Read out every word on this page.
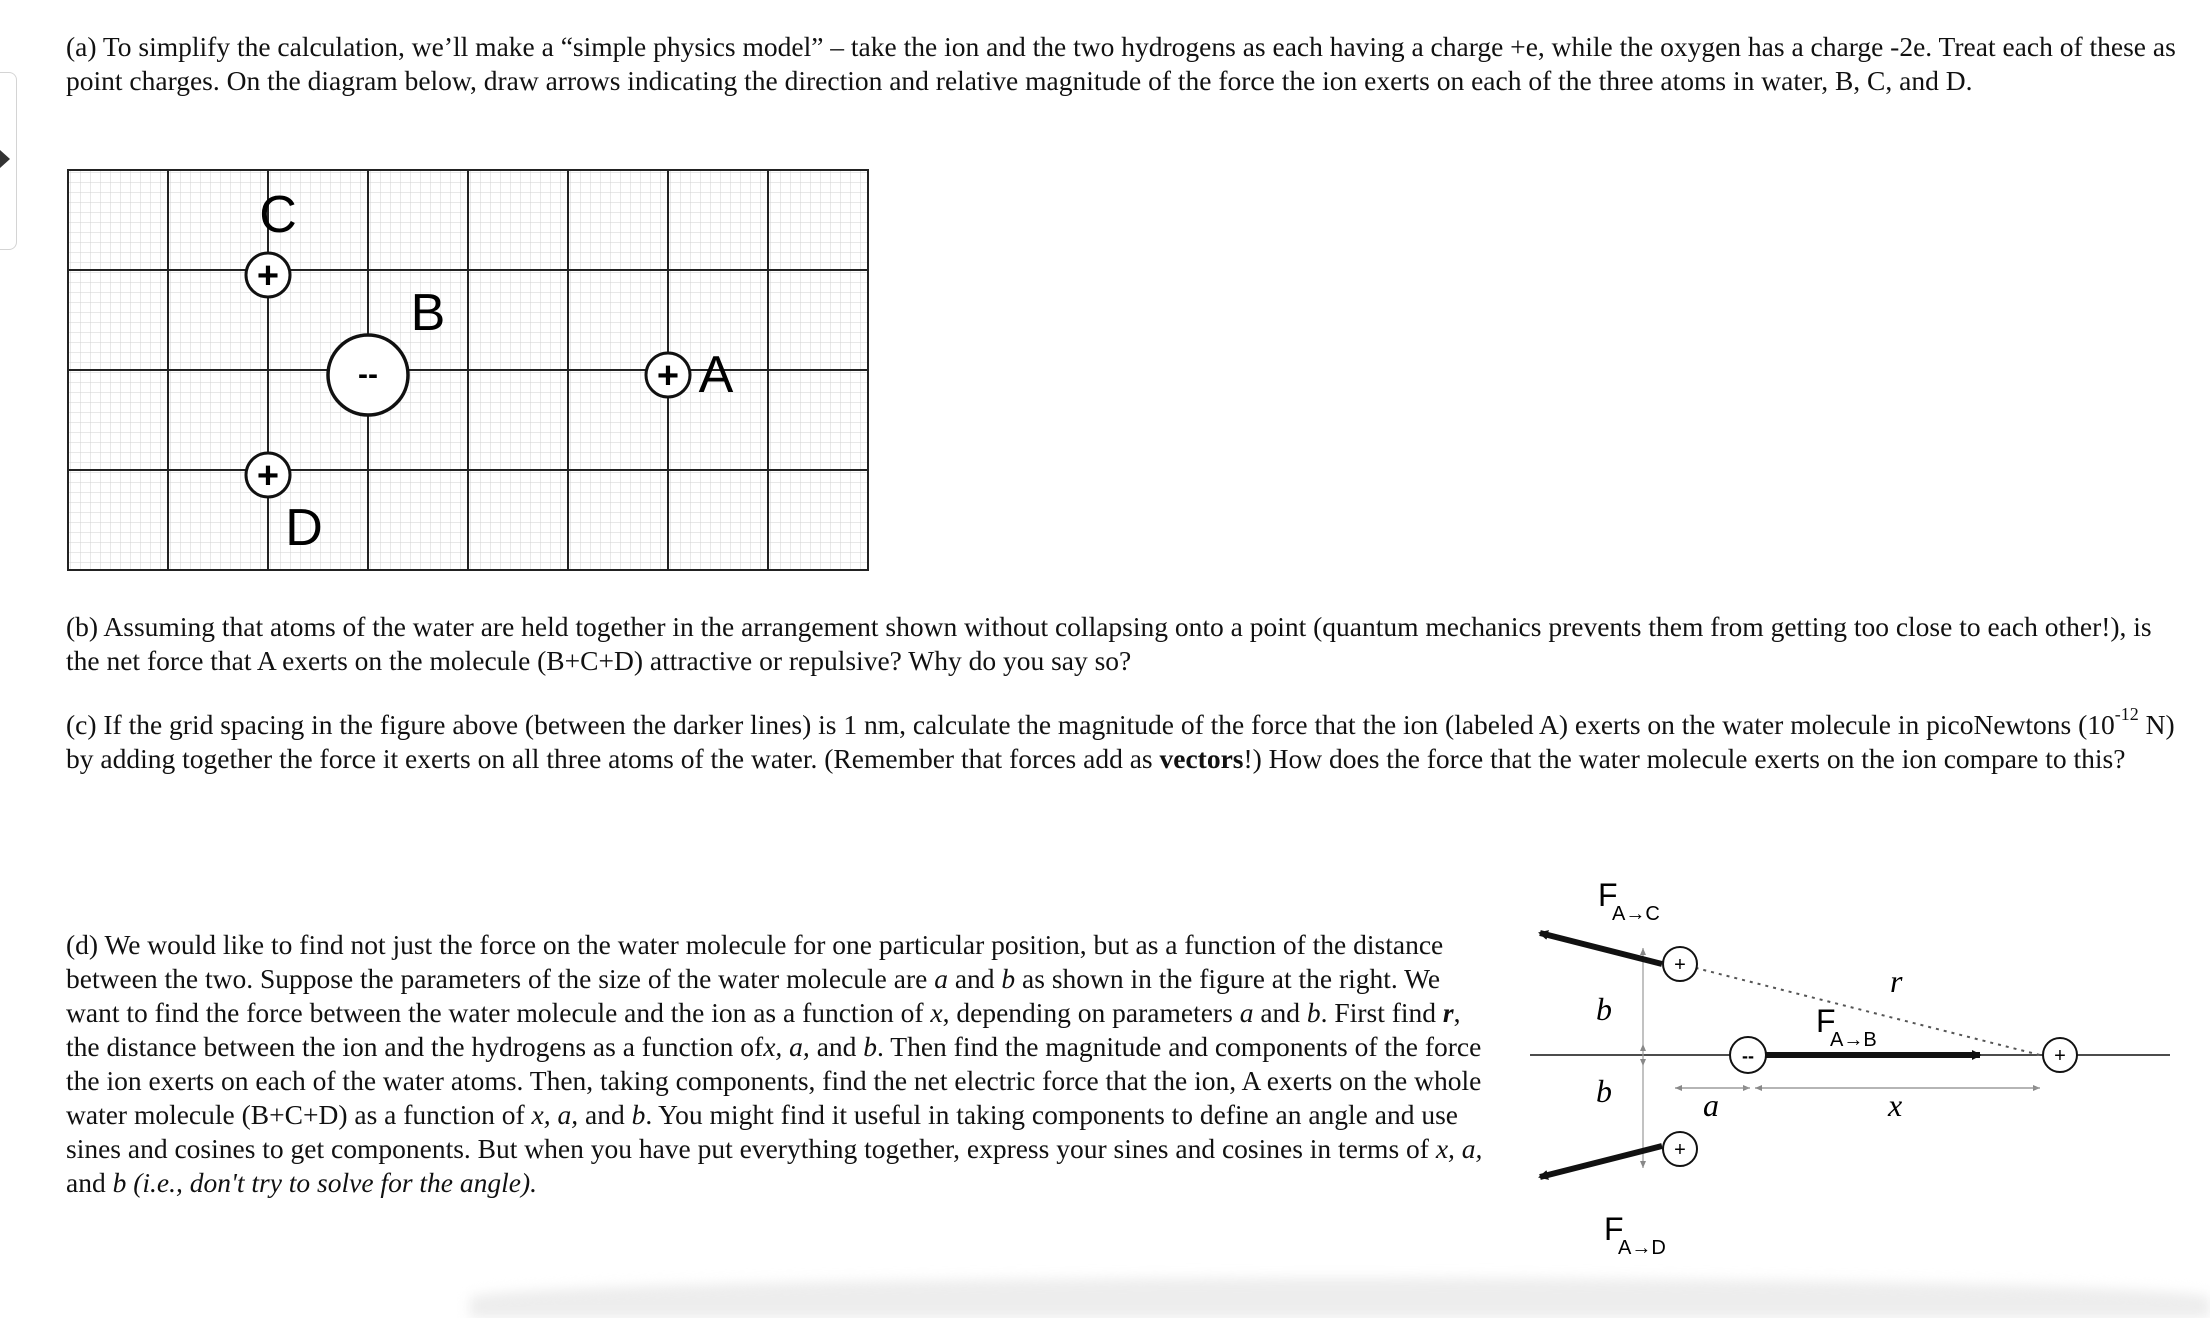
(a) To simplify the calculation, we’ll make a “simple physics model” – take the ion and the two hydrogens as each having a charge +e, while the oxygen has a charge -2e. Treat each of these as point charges. On the diagram below, draw arrows indicating the direction and relative magnitude of the force the ion exerts on each of the three atoms in water, B, C, and D.

+
C
--
B
+ A
+
D

(b) Assuming that atoms of the water are held together in the arrangement shown without collapsing onto a point (quantum mechanics prevents them from getting too close to each other!), is the net force that A exerts on the molecule (B+C+D) attractive or repulsive? Why do you say so?

(c) If the grid spacing in the figure above (between the darker lines) is 1 nm, calculate the magnitude of the force that the ion (labeled A) exerts on the water molecule in picoNewtons ($10^{-12}$ N) by adding together the force it exerts on all three atoms of the water. (Remember that forces add as vectors!) How does the force that the water molecule exerts on the ion compare to this?

(d) We would like to find not just the force on the water molecule for one particular position, but as a function of the distance between the two. Suppose the parameters of the size of the water molecule are a and b as shown in the figure at the right. We want to find the force between the water molecule and the ion as a function of x, depending on parameters a and b. First find r, the distance between the ion and the hydrogens as a function ofx, a, and b. Then find the magnitude and components of the force the ion exerts on each of the water atoms. Then, taking components, find the net electric force that the ion, A exerts on the whole water molecule (B+C+D) as a function of x, a, and b. You might find it useful in taking components to define an angle and use sines and cosines to get components. But when you have put everything together, express your sines and cosines in terms of x, a, and b (i.e., don't try to solve for the angle).

+
+
--	+
F
A→C
F
A→B
F
A→D
b
b	a	x
r
